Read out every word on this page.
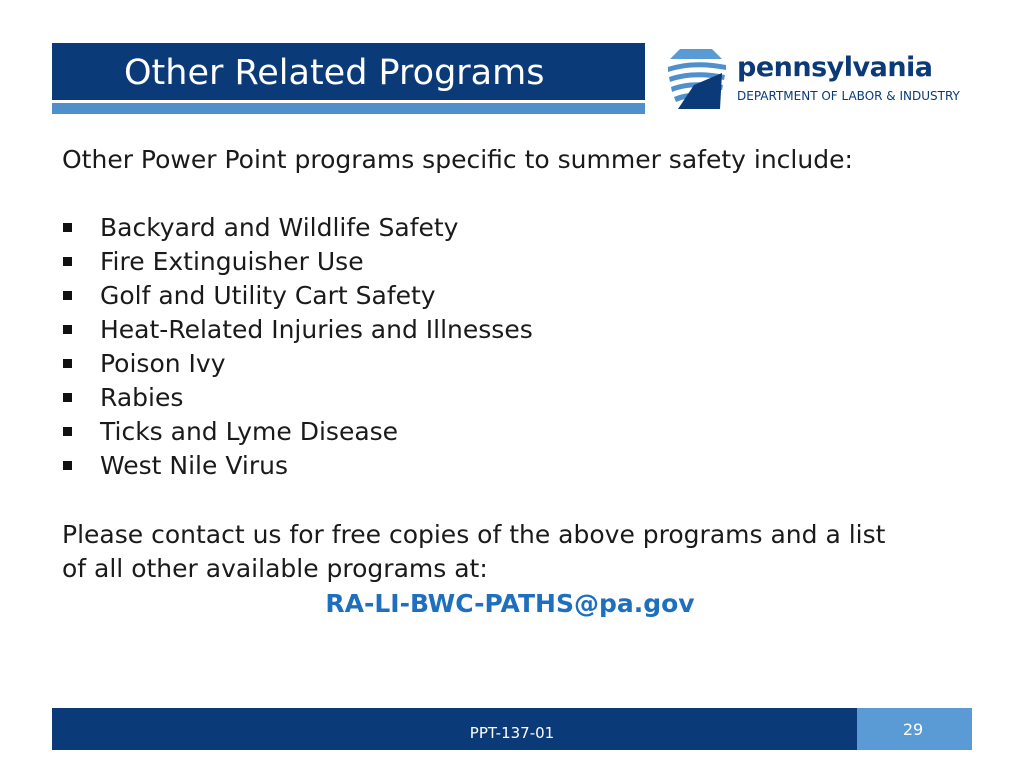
Other Related Programs	pennsylvania
DEPARTMENT OF LABOR & INDUSTRY
Other Power Point programs specific to summer safety include:
Backyard and Wildlife Safety
Fire Extinguisher Use
Golf and Utility Cart Safety
Heat-Related Injuries and Illnesses
Poison Ivy
Rabies
Ticks and Lyme Disease
West Nile Virus
Please contact us for free copies of the above programs and a list
of all other available programs at:
RA-LI-BWC-PATHS@pa.gov
PPT-137-01	29
